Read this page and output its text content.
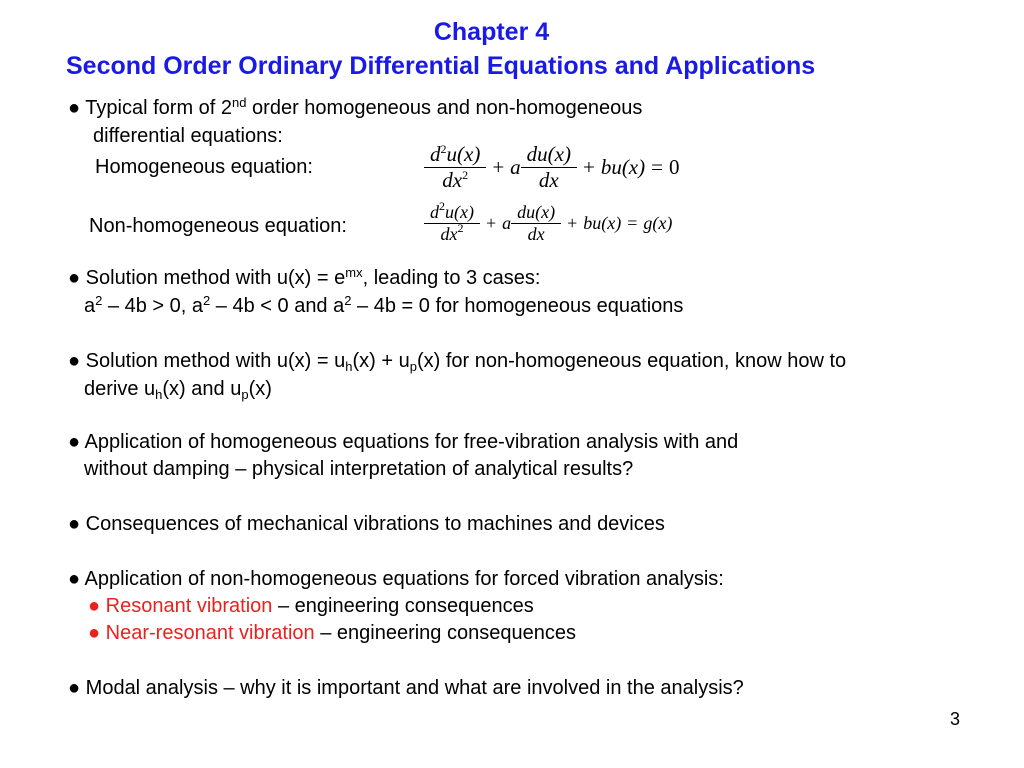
Chapter 4
Second Order Ordinary Differential Equations and Applications
● Typical form of 2nd order homogeneous and non-homogeneous
differential equations:
Homogeneous equation:
Non-homogeneous equation:
$\frac{d^2u(x)}{dx^2} + a \frac{du(x)}{dx} + bu(x) = 0$
$\frac{d^2u(x)}{dx^2} + a \frac{du(x)}{dx} + bu(x) = g(x)$
● Solution method with $u(x) = e^{mx}$, leading to 3 cases:
$a^2 - 4b > 0$, $a^2 - 4b < 0$ and $a^2 - 4b = 0$ for homogeneous equations
● Solution method with $u(x) = u_h(x) + u_p(x)$ for non-homogeneous equation, know how to
derive $u_h(x)$ and $u_p(x)$
● Application of homogeneous equations for free-vibration analysis with and
without damping – physical interpretation of analytical results?
● Consequences of mechanical vibrations to machines and devices
● Application of non-homogeneous equations for forced vibration analysis:
● Resonant vibration – engineering consequences
● Near-resonant vibration – engineering consequences
● Modal analysis – why it is important and what are involved in the analysis?
3
